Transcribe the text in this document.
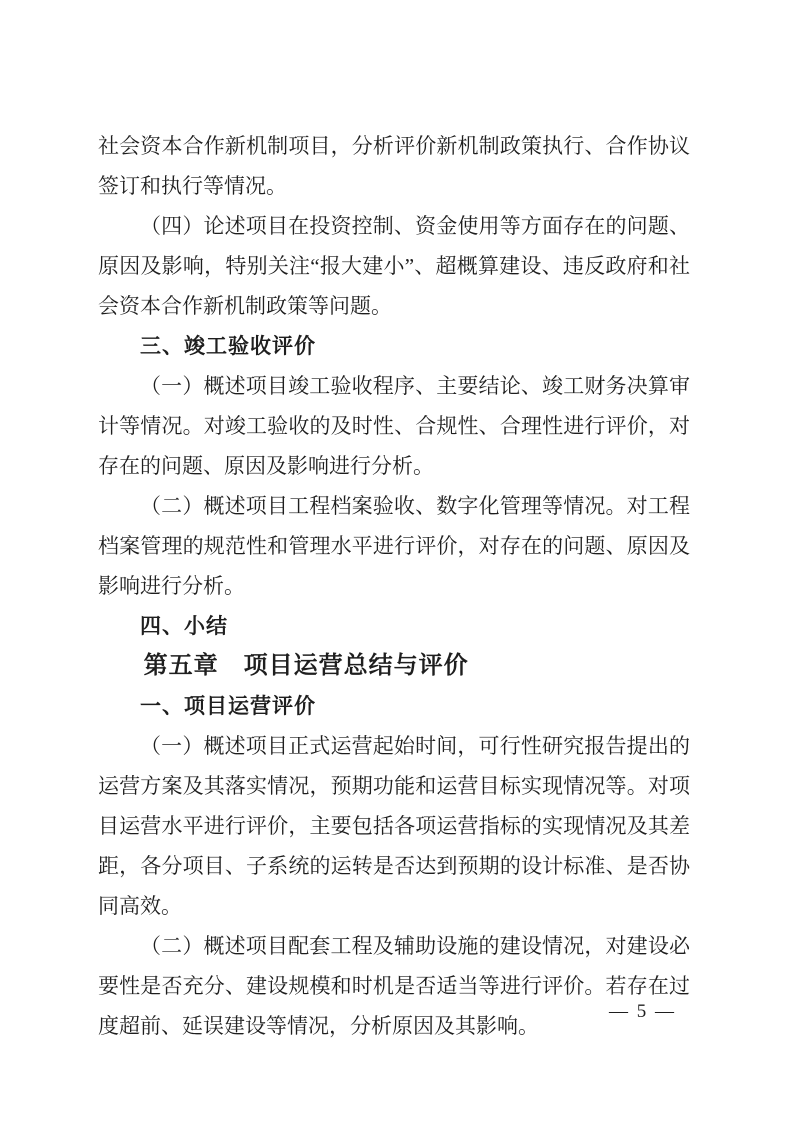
社会资本合作新机制项目，分析评价新机制政策执行、合作协议签订和执行等情况。

（四）论述项目在投资控制、资金使用等方面存在的问题、原因及影响，特别关注“报大建小”、超概算建设、违反政府和社会资本合作新机制政策等问题。

三、竣工验收评价

（一）概述项目竣工验收程序、主要结论、竣工财务决算审计等情况。对竣工验收的及时性、合规性、合理性进行评价，对存在的问题、原因及影响进行分析。

（二）概述项目工程档案验收、数字化管理等情况。对工程档案管理的规范性和管理水平进行评价，对存在的问题、原因及影响进行分析。

四、小结
第五章　项目运营总结与评价
一、项目运营评价

（一）概述项目正式运营起始时间，可行性研究报告提出的运营方案及其落实情况，预期功能和运营目标实现情况等。对项目运营水平进行评价，主要包括各项运营指标的实现情况及其差距，各分项目、子系统的运转是否达到预期的设计标准、是否协同高效。

（二）概述项目配套工程及辅助设施的建设情况，对建设必要性是否充分、建设规模和时机是否适当等进行评价。若存在过度超前、延误建设等情况，分析原因及其影响。

— 5 —
